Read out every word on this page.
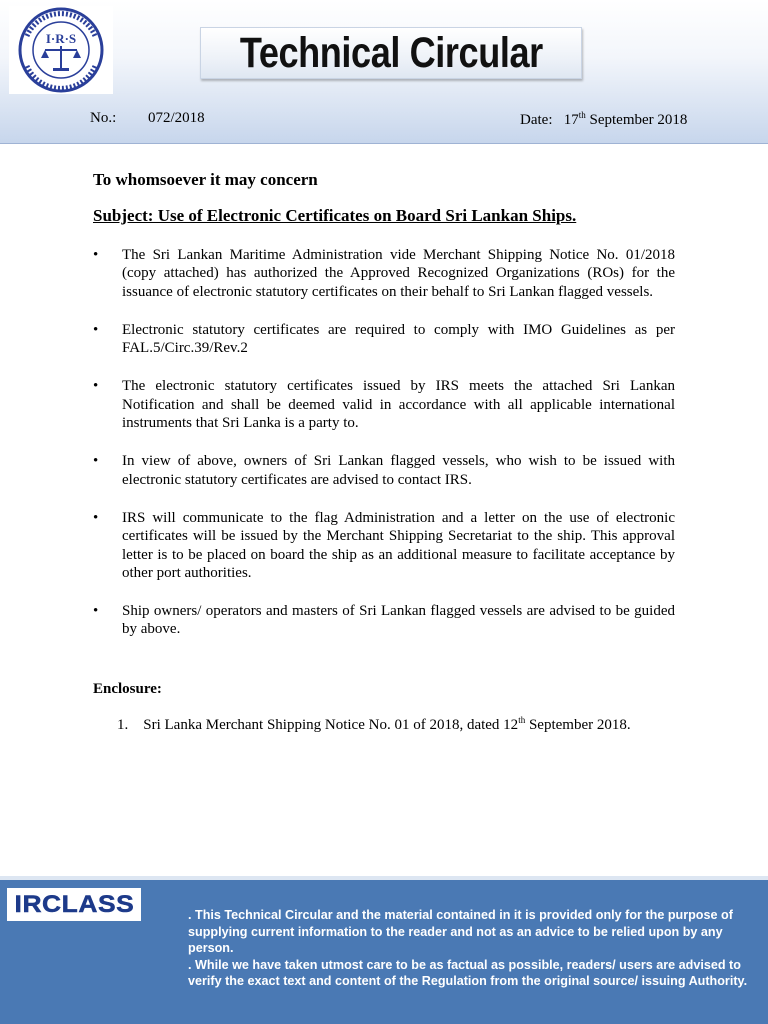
I·R·S	Technical Circular
No.: 072/2018	Date: 17th September 2018
To whomsoever it may concern
Subject: Use of Electronic Certificates on Board Sri Lankan Ships.
• The Sri Lankan Maritime Administration vide Merchant Shipping Notice No. 01/2018 (copy attached) has authorized the Approved Recognized Organizations (ROs) for the issuance of electronic statutory certificates on their behalf to Sri Lankan flagged vessels.
• Electronic statutory certificates are required to comply with IMO Guidelines as per FAL.5/Circ.39/Rev.2
• The electronic statutory certificates issued by IRS meets the attached Sri Lankan Notification and shall be deemed valid in accordance with all applicable international instruments that Sri Lanka is a party to.
• In view of above, owners of Sri Lankan flagged vessels, who wish to be issued with electronic statutory certificates are advised to contact IRS.
• IRS will communicate to the flag Administration and a letter on the use of electronic certificates will be issued by the Merchant Shipping Secretariat to the ship. This approval letter is to be placed on board the ship as an additional measure to facilitate acceptance by other port authorities.
• Ship owners/ operators and masters of Sri Lankan flagged vessels are advised to be guided by above.
Enclosure:
1. Sri Lanka Merchant Shipping Notice No. 01 of 2018, dated 12th September 2018.
IRCLASS	. This Technical Circular and the material contained in it is provided only for the purpose of supplying current information to the reader and not as an advice to be relied upon by any person.

. While we have taken utmost care to be as factual as possible, readers/ users are advised to verify the exact text and content of the Regulation from the original source/ issuing Authority.
